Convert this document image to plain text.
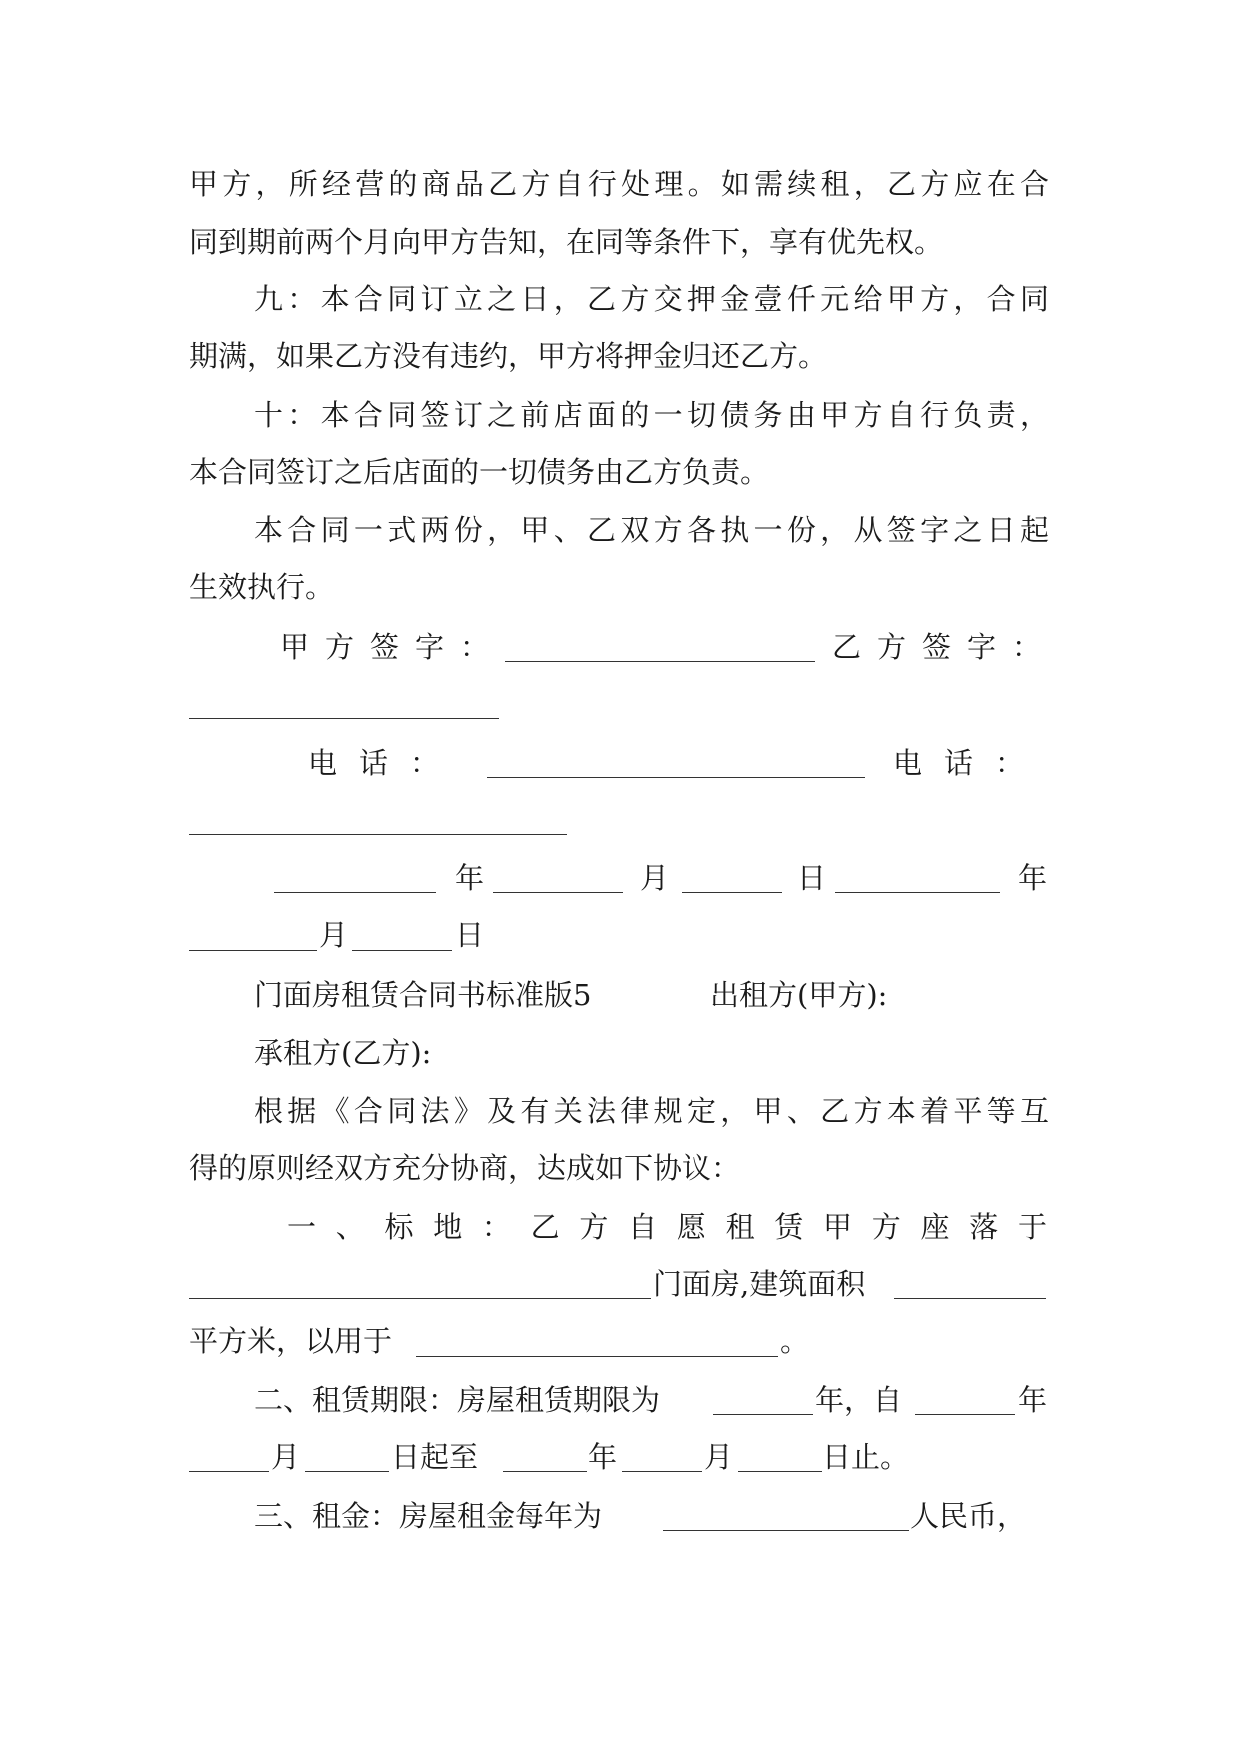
甲方，所经营的商品乙方自行处理。如需续租，乙方应在合
同到期前两个月向甲方告知，在同等条件下，享有优先权。
九：本合同订立之日，乙方交押金壹仟元给甲方，合同
期满，如果乙方没有违约，甲方将押金归还乙方。
十：本合同签订之前店面的一切债务由甲方自行负责，
本合同签订之后店面的一切债务由乙方负责。
本合同一式两份，甲、乙双方各执一份，从签字之日起
生效执行。
甲方签字：	乙方签字：
电话：	电话：
年	月	日	年
月	日
门面房租赁合同书标准版5	出租方(甲方):
承租方(乙方):
根据《合同法》及有关法律规定，甲、乙方本着平等互
得的原则经双方充分协商，达成如下协议：
一、标地：乙方自愿租赁甲方座落于
门面房,建筑面积
平方米，以用于	。
二、租赁期限：房屋租赁期限为	年，自	年
月	日起至	年	月	日止。
三、租金：房屋租金每年为	人民币，
